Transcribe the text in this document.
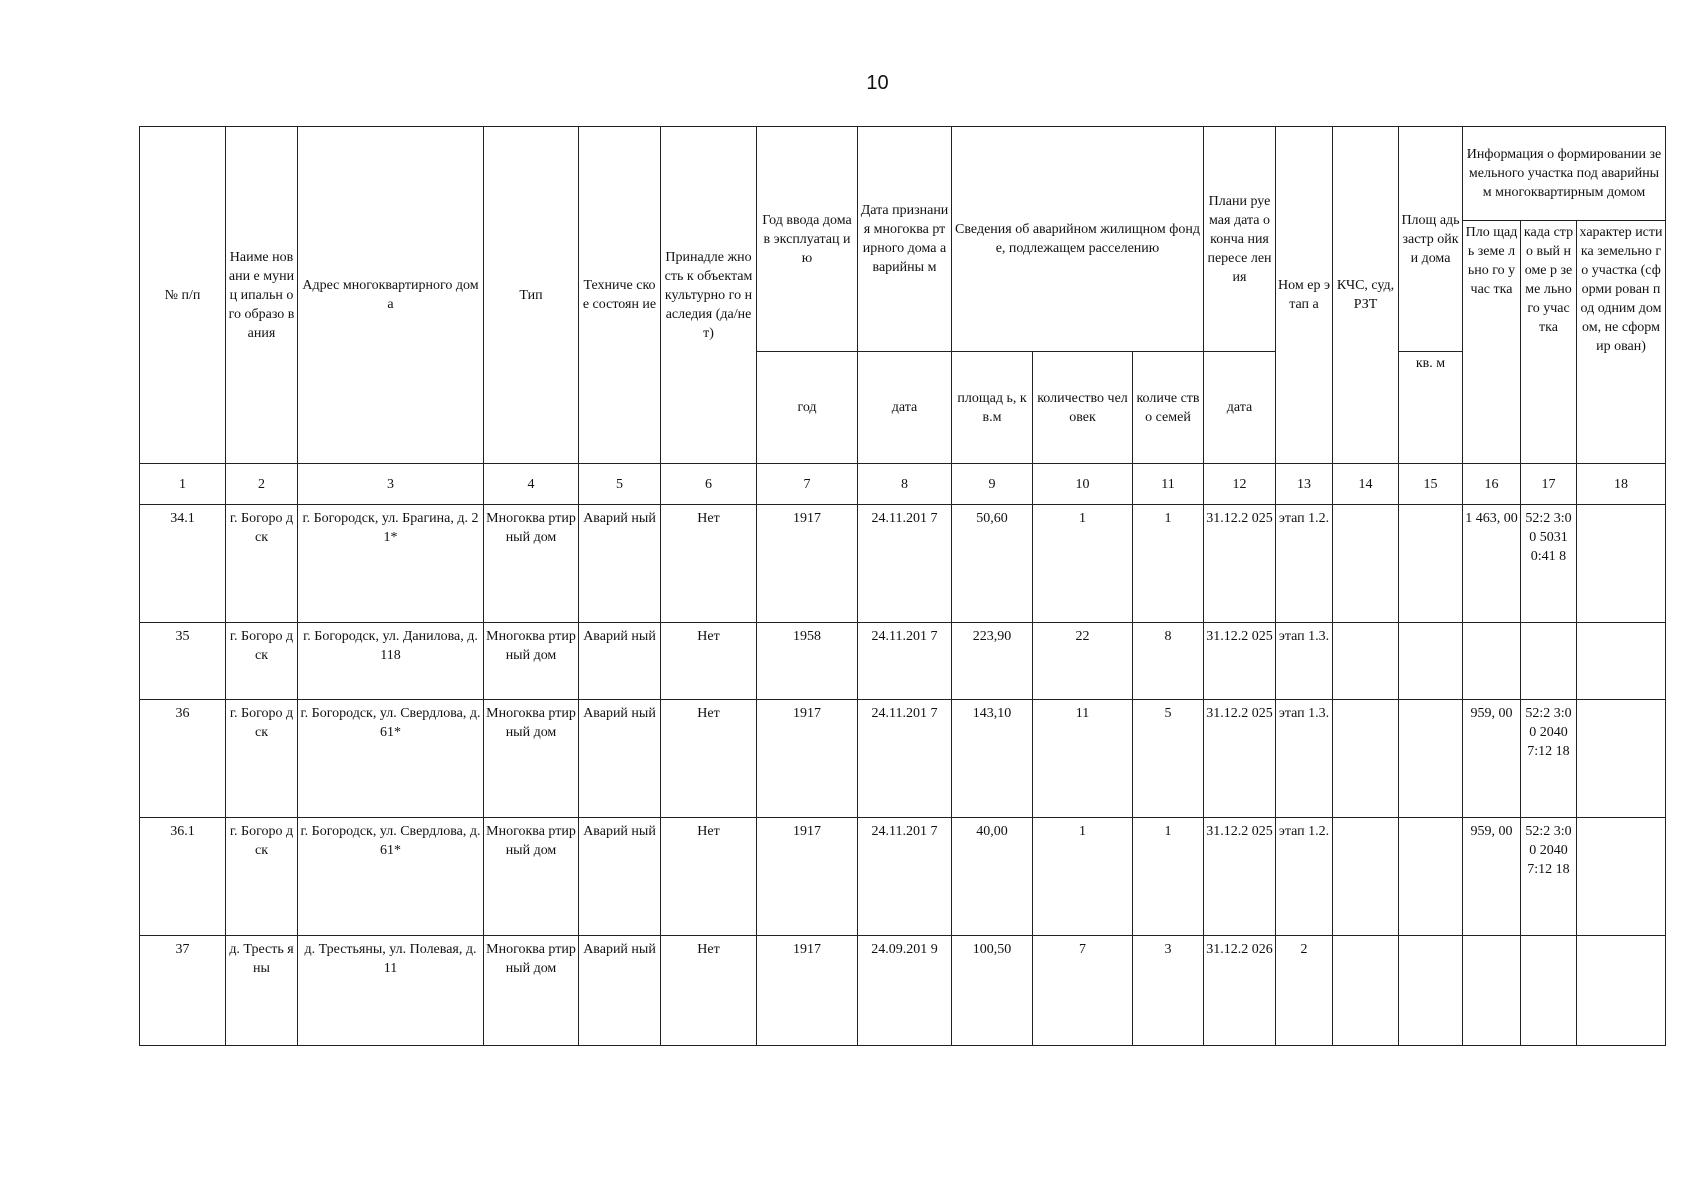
10
№ п/п	Наиме новани е муниц ипальн ого образо вания	Адрес многоквартирного дома	Тип	Техниче ское состоян ие	Принадле жность к объектам культурно го наследия (да/нет)	Год ввода дома в эксплуатац ию	Дата признани я многоква ртирного дома аварийны м	Сведения об аварийном жилищном фонде, подлежащем расселению			Плани руемая дата оконча ния пересе ления	Ном ер этап а	КЧС, суд, РЗТ	Площ адь застр ойки дома	Информация о формировании земельного участка под аварийным многоквартирным домом		
															Пло щадь земе льно го учас тка	када стро вый номе р земе льно го учас тка	характер истика земельно го участка (сформи рован под одним домом, не сформир ован)
						год	дата	площад ь, кв.м	количество человек	количе ство семей	дата			кв. м			
1	2	3	4	5	6	7	8	9	10	11	12	13	14	15	16	17	18
34.1	г. Богоро дск	г. Богородск, ул. Брагина, д. 21*	Многоква ртирный дом	Аварий ный	Нет	1917	24.11.201 7	50,60	1	1	31.12.2 025	этап 1.2.			1 463, 00	52:2 3:00 5031 0:41 8	
35	г. Богоро дск	г. Богородск, ул. Данилова, д. 118	Многоква ртирный дом	Аварий ный	Нет	1958	24.11.201 7	223,90	22	8	31.12.2 025	этап 1.3.					
36	г. Богоро дск	г. Богородск, ул. Свердлова, д. 61*	Многоква ртирный дом	Аварий ный	Нет	1917	24.11.201 7	143,10	11	5	31.12.2 025	этап 1.3.			959, 00	52:2 3:00 2040 7:12 18	
36.1	г. Богоро дск	г. Богородск, ул. Свердлова, д. 61*	Многоква ртирный дом	Аварий ный	Нет	1917	24.11.201 7	40,00	1	1	31.12.2 025	этап 1.2.			959, 00	52:2 3:00 2040 7:12 18	
37	д. Тресть яны	д. Трестьяны, ул. Полевая, д. 11	Многоква ртирный дом	Аварий ный	Нет	1917	24.09.201 9	100,50	7	3	31.12.2 026	2					
